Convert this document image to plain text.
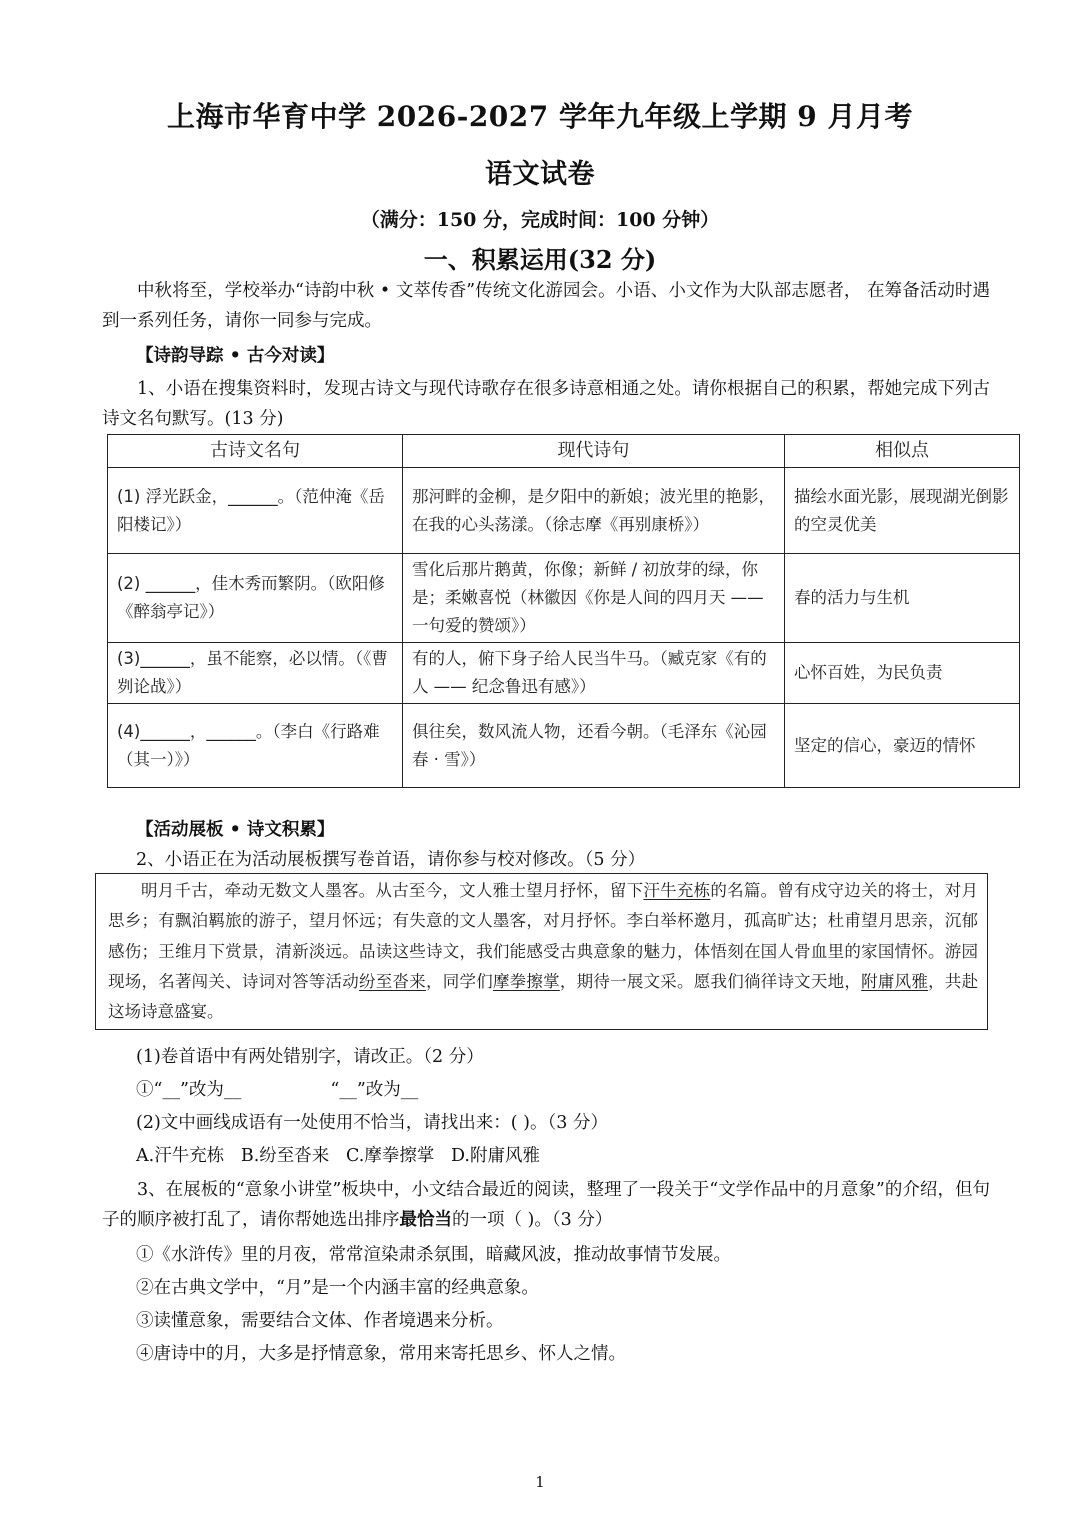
上海市华育中学 2026-2027 学年九年级上学期 9 月月考
语文试卷
（满分：150 分，完成时间：100 分钟）
一、积累运用(32 分)
中秋将至，学校举办“诗韵中秋 • 文萃传香”传统文化游园会。小语、小文作为大队部志愿者， 在筹备活动时遇到一系列任务，请你一同参与完成。
【诗韵导踪 • 古今对读】
1、小语在搜集资料时，发现古诗文与现代诗歌存在很多诗意相通之处。请你根据自己的积累，帮她完成下列古诗文名句默写。(13 分)
古诗文名句	现代诗句	相似点
(1) 浮光跃金，______。（范仲淹《岳阳楼记》）	那河畔的金柳，是夕阳中的新娘；波光里的艳影，在我的心头荡漾。（徐志摩《再别康桥》）	描绘水面光影，展现湖光倒影的空灵优美
(2) ______，佳木秀而繁阴。（欧阳修《醉翁亭记》）	雪化后那片鹅黄，你像；新鲜 / 初放芽的绿，你是；柔嫩喜悦（林徽因《你是人间的四月天 —— 一句爱的赞颂》）	春的活力与生机
(3)______，虽不能察，必以情。（《曹刿论战》）	有的人，俯下身子给人民当牛马。（臧克家《有的人 —— 纪念鲁迅有感》）	心怀百姓，为民负责
(4)______，______。（李白《行路难（其一）》）	俱往矣，数风流人物，还看今朝。（毛泽东《沁园春 · 雪》）	坚定的信心，豪迈的情怀
【活动展板 • 诗文积累】
2、小语正在为活动展板撰写卷首语，请你参与校对修改。（5 分）
明月千古，牵动无数文人墨客。从古至今，文人雅士望月抒怀，留下汗牛充栋的名篇。曾有戍守边关的将士，对月思乡；有飘泊羁旅的游子，望月怀远；有失意的文人墨客，对月抒怀。李白举杯邀月，孤高旷达；杜甫望月思亲，沉郁感伤；王维月下赏景，清新淡远。品读这些诗文，我们能感受古典意象的魅力，体悟刻在国人骨血里的家国情怀。游园现场，名著闯关、诗词对答等活动纷至沓来，同学们摩拳擦掌，期待一展文采。愿我们徜徉诗文天地，附庸风雅，共赴这场诗意盛宴。
(1)卷首语中有两处错别字，请改正。（2 分）
①“__”改为__                “__”改为__
(2)文中画线成语有一处使用不恰当，请找出来：( )。（3 分）
A.汗牛充栋   B.纷至沓来   C.摩拳擦掌   D.附庸风雅
3、在展板的“意象小讲堂”板块中，小文结合最近的阅读，整理了一段关于“文学作品中的月意象”的介绍，但句子的顺序被打乱了，请你帮她选出排序最恰当的一项（ )。（3 分）
①《水浒传》里的月夜，常常渲染肃杀氛围，暗藏风波，推动故事情节发展。
②在古典文学中，“月”是一个内涵丰富的经典意象。
③读懂意象，需要结合文体、作者境遇来分析。
④唐诗中的月，大多是抒情意象，常用来寄托思乡、怀人之情。
1
